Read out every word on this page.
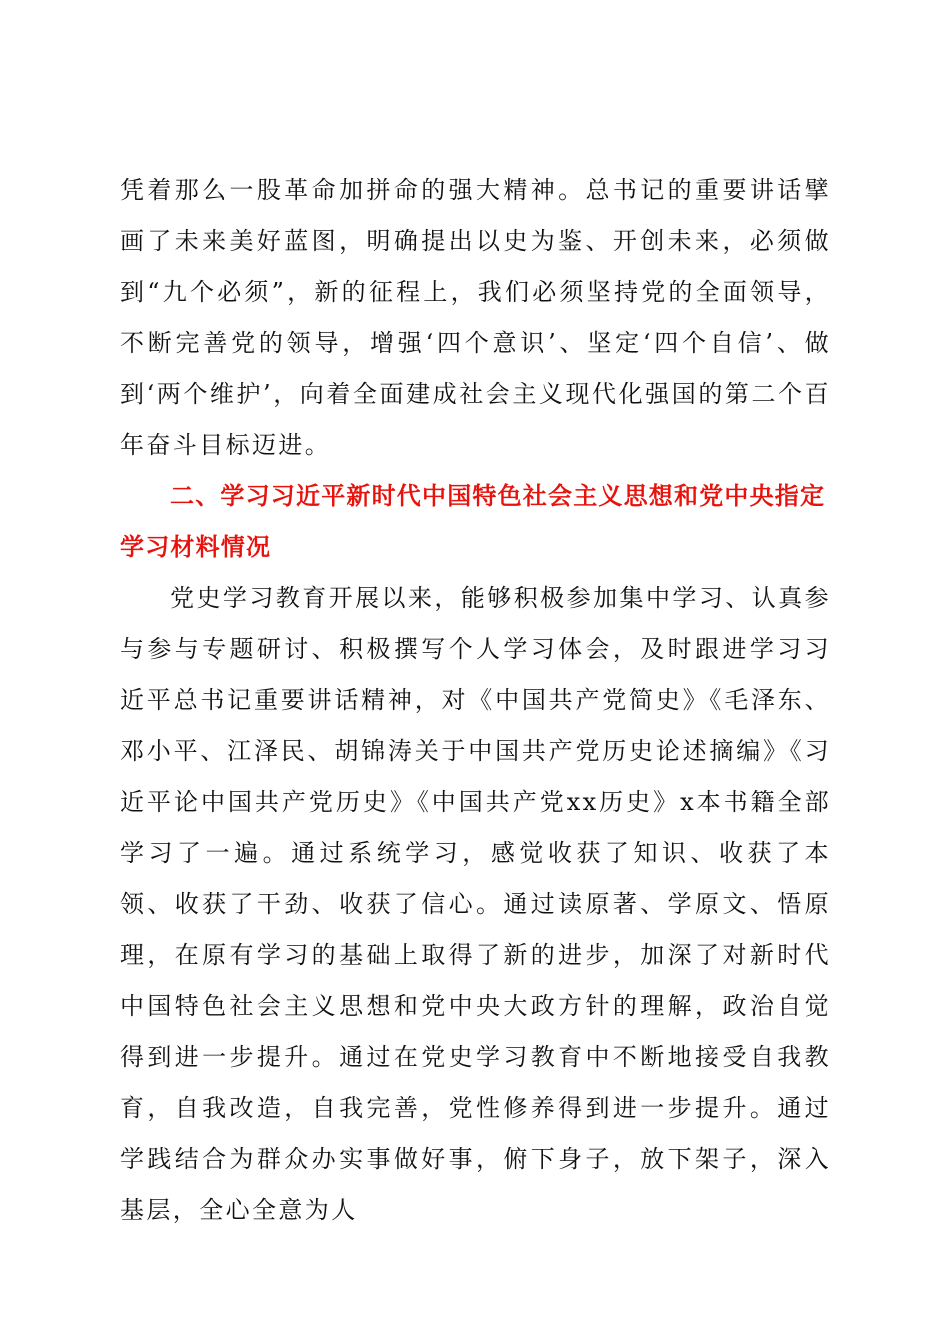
凭着那么一股革命加拼命的强大精神。总书记的重要讲话擘画了未来美好蓝图，明确提出以史为鉴、开创未来，必须做到“九个必须”，新的征程上，我们必须坚持党的全面领导，不断完善党的领导，增强‘四个意识’、坚定‘四个自信’、做到‘两个维护’，向着全面建成社会主义现代化强国的第二个百年奋斗目标迈进。

二、学习习近平新时代中国特色社会主义思想和党中央指定学习材料情况

党史学习教育开展以来，能够积极参加集中学习、认真参与参与专题研讨、积极撰写个人学习体会，及时跟进学习习近平总书记重要讲话精神，对《中国共产党简史》《毛泽东、邓小平、江泽民、胡锦涛关于中国共产党历史论述摘编》《习近平论中国共产党历史》《中国共产党xx历史》x本书籍全部学习了一遍。通过系统学习，感觉收获了知识、收获了本领、收获了干劲、收获了信心。通过读原著、学原文、悟原理，在原有学习的基础上取得了新的进步，加深了对新时代中国特色社会主义思想和党中央大政方针的理解，政治自觉得到进一步提升。通过在党史学习教育中不断地接受自我教育，自我改造，自我完善，党性修养得到进一步提升。通过学践结合为群众办实事做好事，俯下身子，放下架子，深入基层，全心全意为人
